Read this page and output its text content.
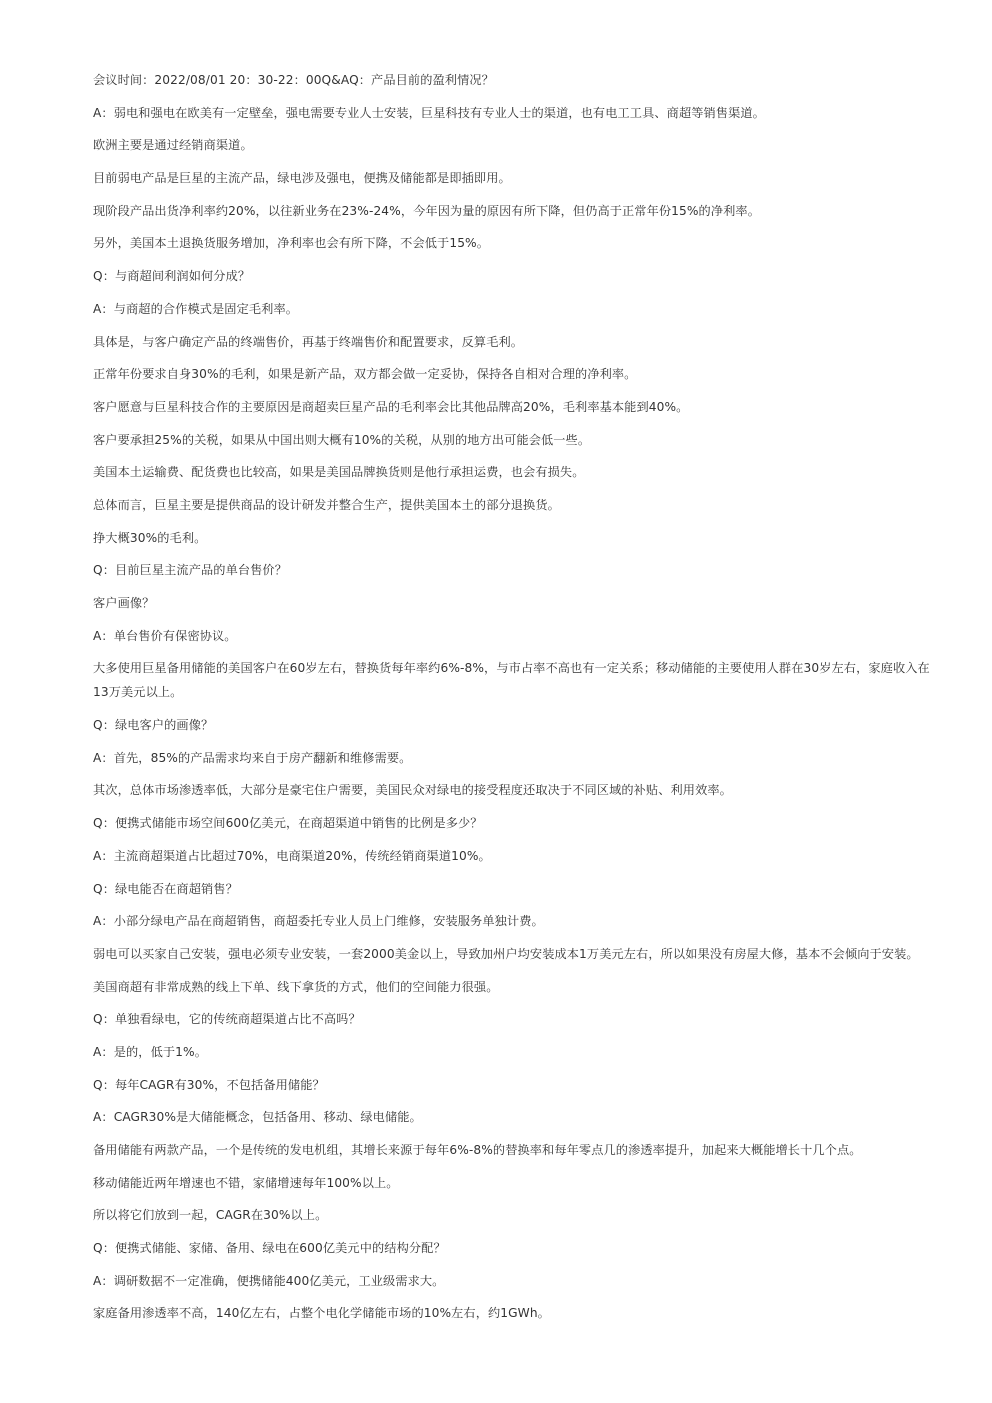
会议时间：2022/08/01 20：30-22：00Q&AQ：产品目前的盈利情况？

A：弱电和强电在欧美有一定壁垒，强电需要专业人士安装，巨星科技有专业人士的渠道，也有电工工具、商超等销售渠道。

欧洲主要是通过经销商渠道。

目前弱电产品是巨星的主流产品，绿电涉及强电，便携及储能都是即插即用。

现阶段产品出货净利率约20%，以往新业务在23%-24%，今年因为量的原因有所下降，但仍高于正常年份15%的净利率。

另外，美国本土退换货服务增加，净利率也会有所下降，不会低于15%。

Q：与商超间利润如何分成？

A：与商超的合作模式是固定毛利率。

具体是，与客户确定产品的终端售价，再基于终端售价和配置要求，反算毛利。

正常年份要求自身30%的毛利，如果是新产品，双方都会做一定妥协，保持各自相对合理的净利率。

客户愿意与巨星科技合作的主要原因是商超卖巨星产品的毛利率会比其他品牌高20%，毛利率基本能到40%。

客户要承担25%的关税，如果从中国出则大概有10%的关税，从别的地方出可能会低一些。

美国本土运输费、配货费也比较高，如果是美国品牌换货则是他行承担运费，也会有损失。

总体而言，巨星主要是提供商品的设计研发并整合生产，提供美国本土的部分退换货。

挣大概30%的毛利。

Q：目前巨星主流产品的单台售价？

客户画像？

A：单台售价有保密协议。

大多使用巨星备用储能的美国客户在60岁左右，替换货每年率约6%-8%，与市占率不高也有一定关系；移动储能的主要使用人群在30岁左右，家庭收入在13万美元以上。

Q：绿电客户的画像？

A：首先，85%的产品需求均来自于房产翻新和维修需要。

其次，总体市场渗透率低，大部分是豪宅住户需要，美国民众对绿电的接受程度还取决于不同区域的补贴、利用效率。

Q：便携式储能市场空间600亿美元，在商超渠道中销售的比例是多少？

A：主流商超渠道占比超过70%，电商渠道20%，传统经销商渠道10%。

Q：绿电能否在商超销售？

A：小部分绿电产品在商超销售，商超委托专业人员上门维修，安装服务单独计费。

弱电可以买家自己安装，强电必须专业安装，一套2000美金以上，导致加州户均安装成本1万美元左右，所以如果没有房屋大修，基本不会倾向于安装。

美国商超有非常成熟的线上下单、线下拿货的方式，他们的空间能力很强。

Q：单独看绿电，它的传统商超渠道占比不高吗？

A：是的，低于1%。

Q：每年CAGR有30%，不包括备用储能？

A：CAGR30%是大储能概念，包括备用、移动、绿电储能。

备用储能有两款产品，一个是传统的发电机组，其增长来源于每年6%-8%的替换率和每年零点几的渗透率提升，加起来大概能增长十几个点。

移动储能近两年增速也不错，家储增速每年100%以上。

所以将它们放到一起，CAGR在30%以上。

Q：便携式储能、家储、备用、绿电在600亿美元中的结构分配？

A：调研数据不一定准确，便携储能400亿美元，工业级需求大。

家庭备用渗透率不高，140亿左右，占整个电化学储能市场的10%左右，约1GWh。
